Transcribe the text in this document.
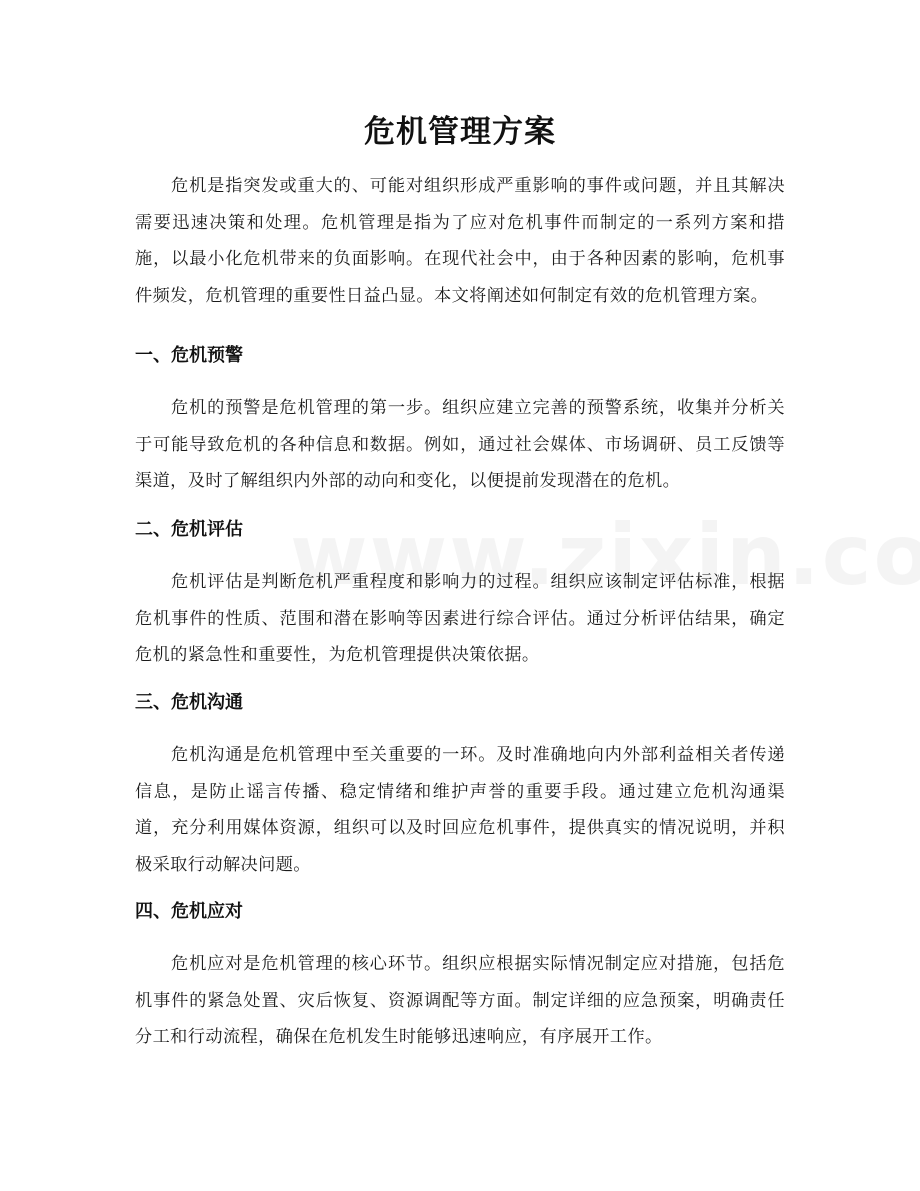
危机管理方案

危机是指突发或重大的、可能对组织形成严重影响的事件或问题，并且其解决需要迅速决策和处理。危机管理是指为了应对危机事件而制定的一系列方案和措施，以最小化危机带来的负面影响。在现代社会中，由于各种因素的影响，危机事件频发，危机管理的重要性日益凸显。本文将阐述如何制定有效的危机管理方案。

一、危机预警

危机的预警是危机管理的第一步。组织应建立完善的预警系统，收集并分析关于可能导致危机的各种信息和数据。例如，通过社会媒体、市场调研、员工反馈等渠道，及时了解组织内外部的动向和变化，以便提前发现潜在的危机。

二、危机评估

危机评估是判断危机严重程度和影响力的过程。组织应该制定评估标准，根据危机事件的性质、范围和潜在影响等因素进行综合评估。通过分析评估结果，确定危机的紧急性和重要性，为危机管理提供决策依据。

三、危机沟通

危机沟通是危机管理中至关重要的一环。及时准确地向内外部利益相关者传递信息，是防止谣言传播、稳定情绪和维护声誉的重要手段。通过建立危机沟通渠道，充分利用媒体资源，组织可以及时回应危机事件，提供真实的情况说明，并积极采取行动解决问题。

四、危机应对

危机应对是危机管理的核心环节。组织应根据实际情况制定应对措施，包括危机事件的紧急处置、灾后恢复、资源调配等方面。制定详细的应急预案，明确责任分工和行动流程，确保在危机发生时能够迅速响应，有序展开工作。
